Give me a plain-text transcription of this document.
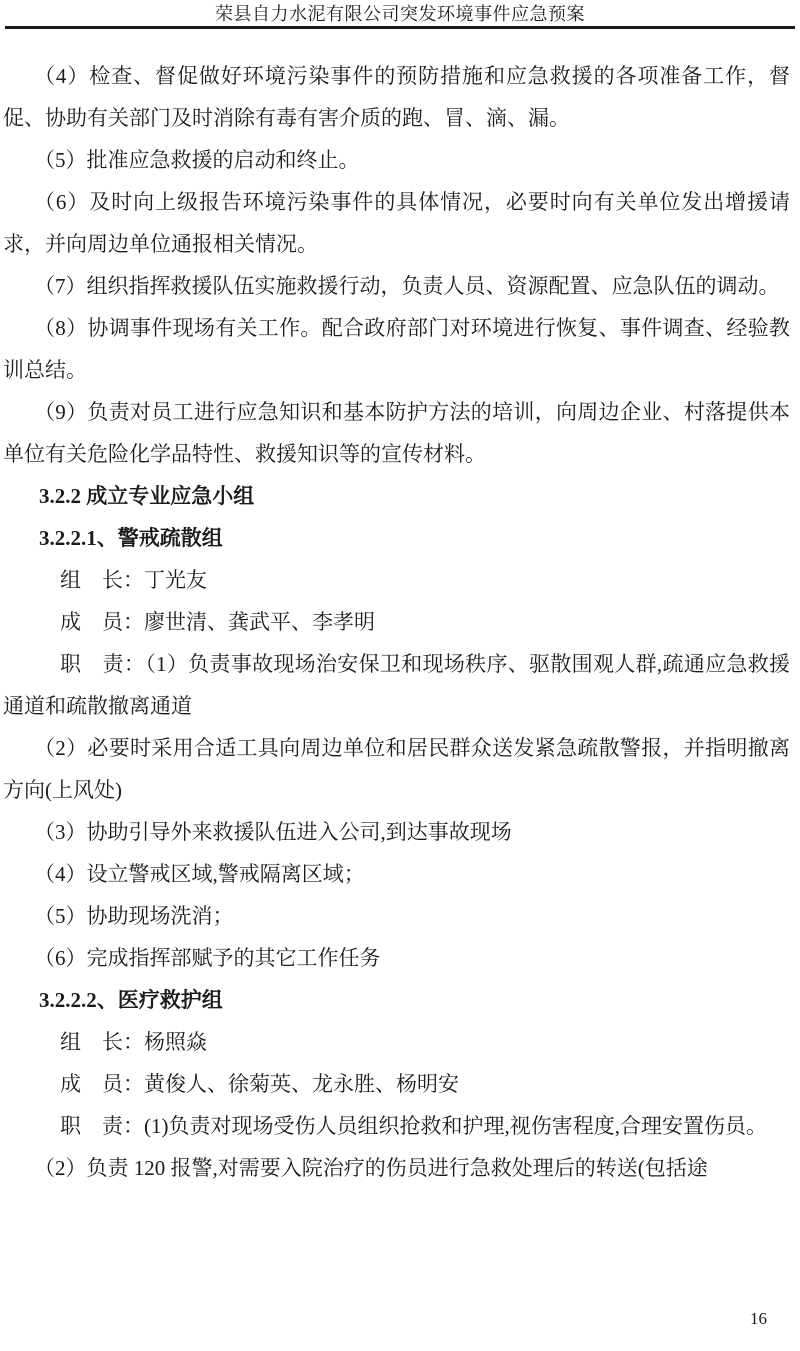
荣县自力水泥有限公司突发环境事件应急预案
（4）检查、督促做好环境污染事件的预防措施和应急救援的各项准备工作，督促、协助有关部门及时消除有毒有害介质的跑、冒、滴、漏。
（5）批准应急救援的启动和终止。
（6）及时向上级报告环境污染事件的具体情况，必要时向有关单位发出增援请求，并向周边单位通报相关情况。
（7）组织指挥救援队伍实施救援行动，负责人员、资源配置、应急队伍的调动。
（8）协调事件现场有关工作。配合政府部门对环境进行恢复、事件调查、经验教训总结。
（9）负责对员工进行应急知识和基本防护方法的培训，向周边企业、村落提供本单位有关危险化学品特性、救援知识等的宣传材料。
3.2.2 成立专业应急小组
3.2.2.1、警戒疏散组
组　长：丁光友
成　员：廖世清、龚武平、李孝明
职　责：（1）负责事故现场治安保卫和现场秩序、驱散围观人群,疏通应急救援通道和疏散撤离通道
（2）必要时采用合适工具向周边单位和居民群众送发紧急疏散警报，并指明撤离方向(上风处)
（3）协助引导外来救援队伍进入公司,到达事故现场
（4）设立警戒区域,警戒隔离区域；
（5）协助现场洗消；
（6）完成指挥部赋予的其它工作任务
3.2.2.2、医疗救护组
组　长：杨照焱
成　员：黄俊人、徐菊英、龙永胜、杨明安
职　责：(1)负责对现场受伤人员组织抢救和护理,视伤害程度,合理安置伤员。
（2）负责 120 报警,对需要入院治疗的伤员进行急救处理后的转送(包括途
16
